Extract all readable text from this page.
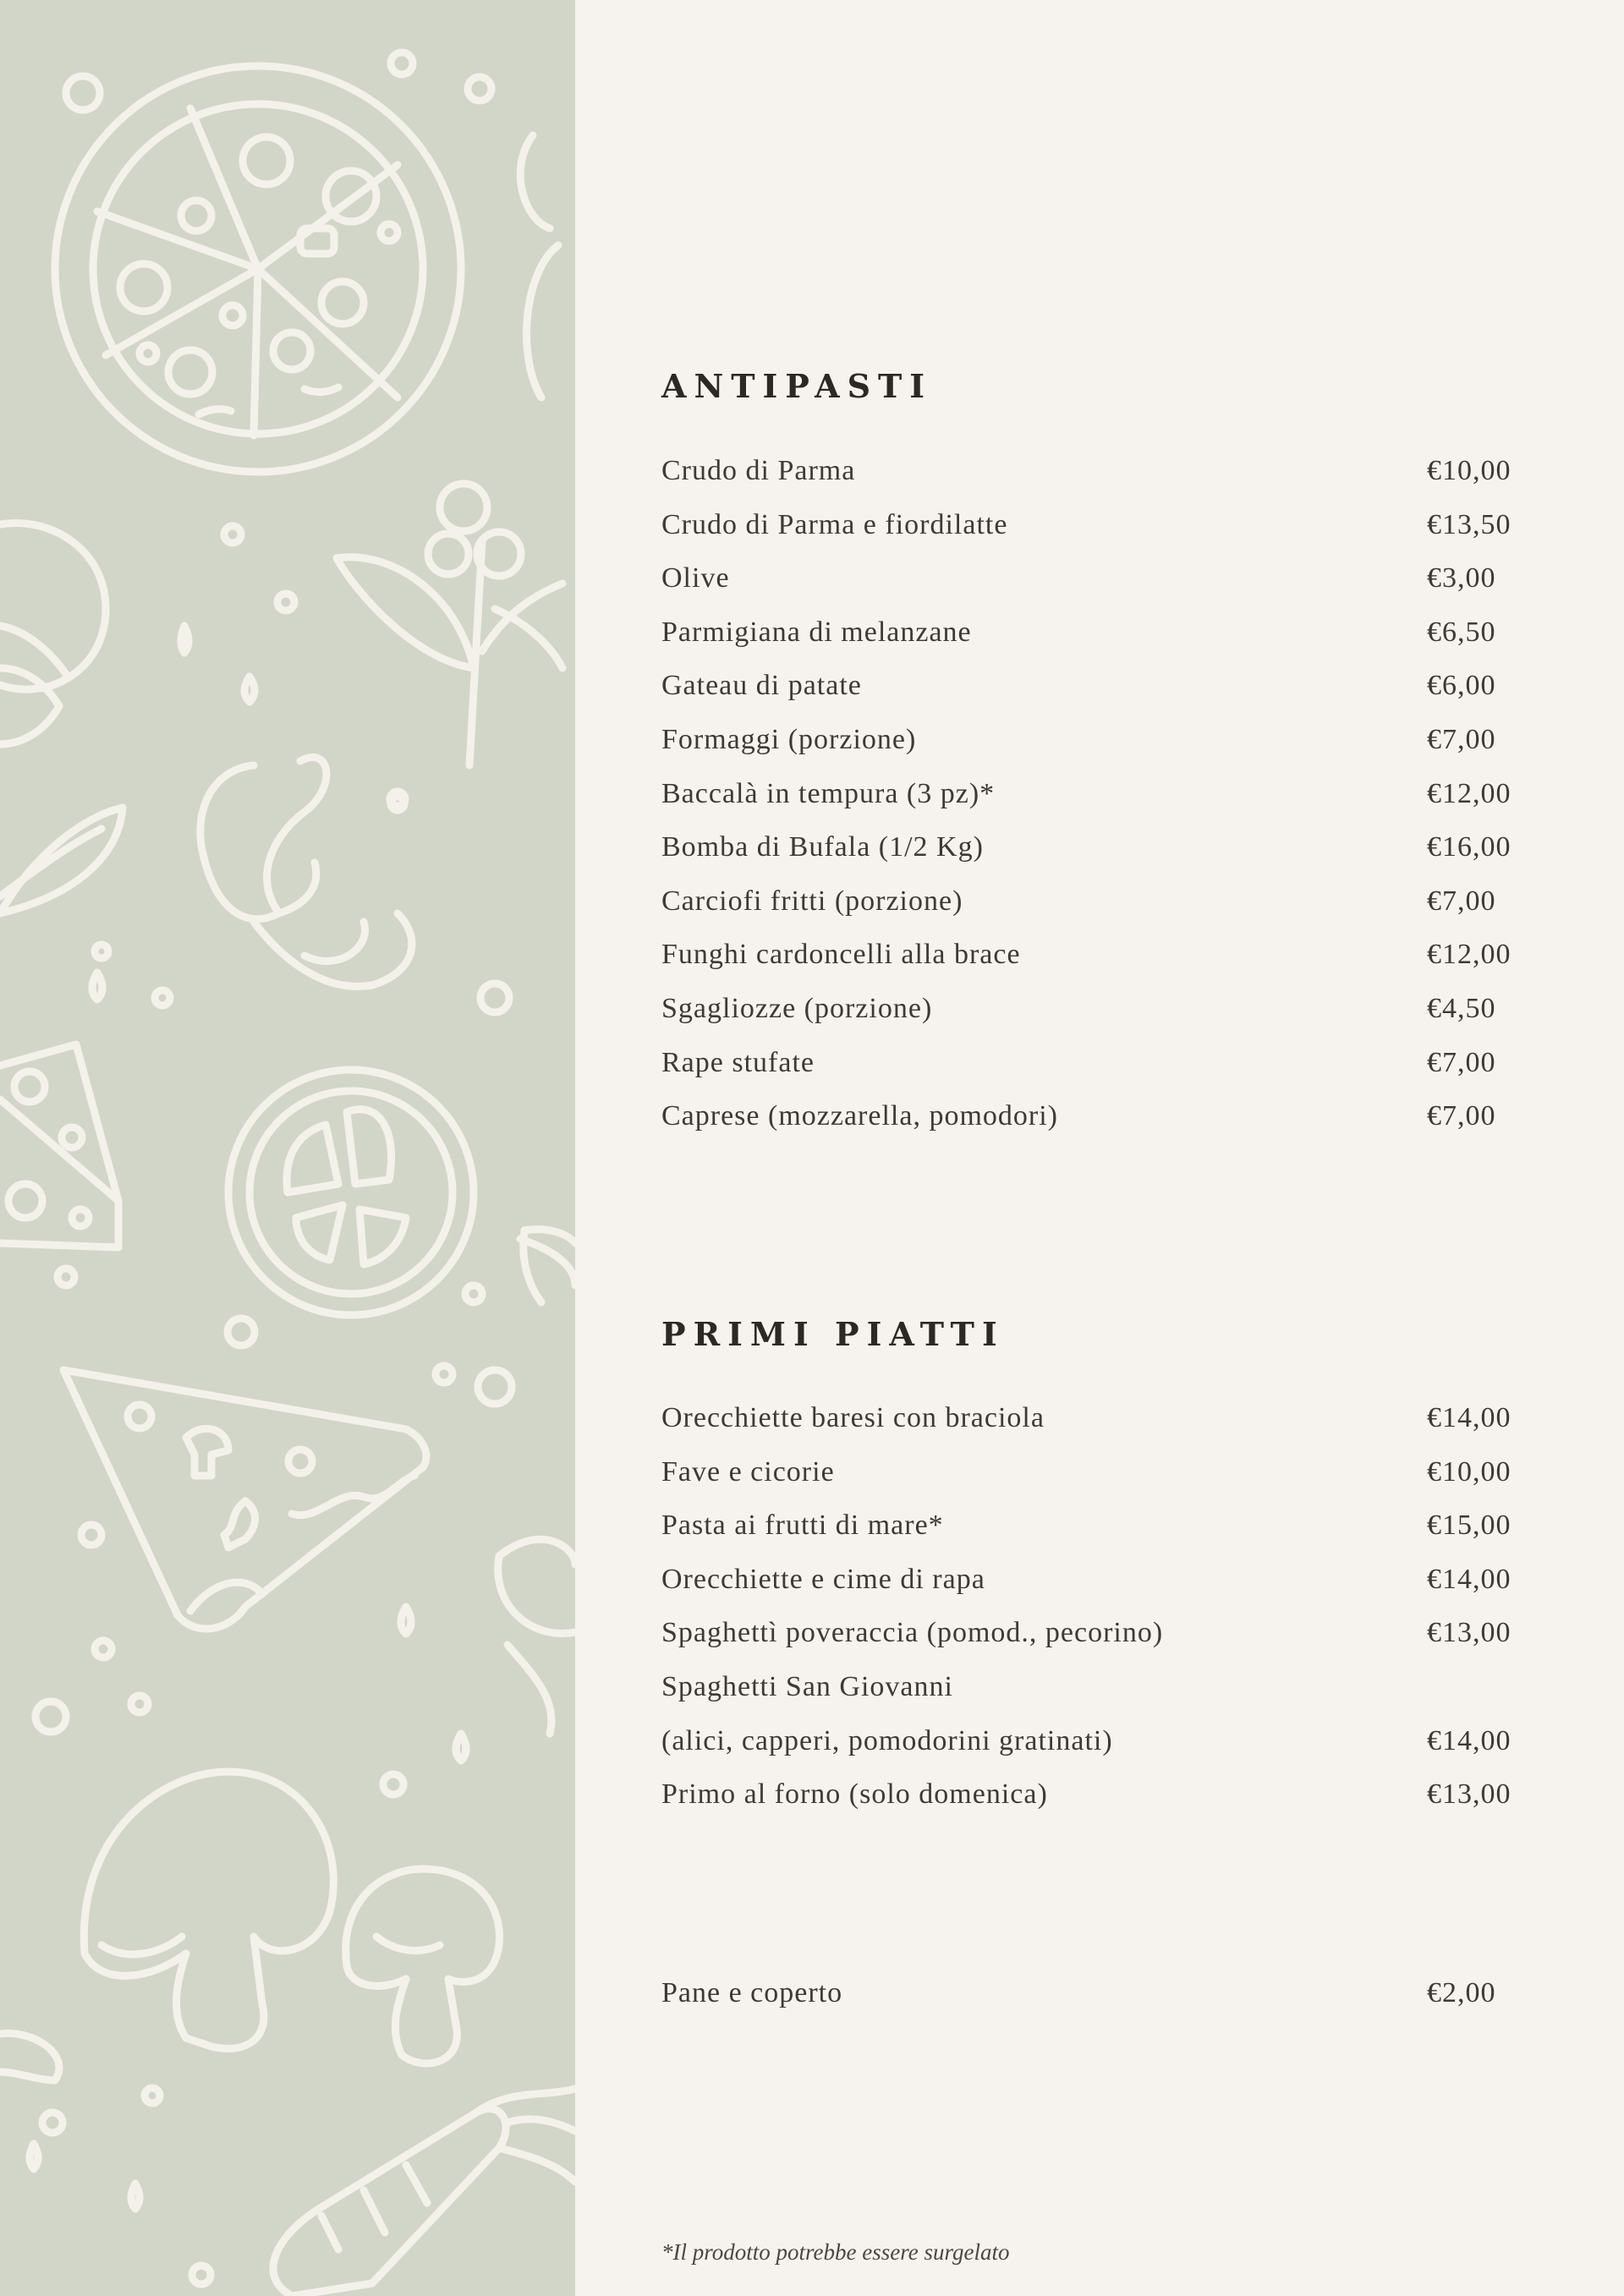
ANTIPASTI
Crudo di Parma	€10,00
Crudo di Parma e fiordilatte	€13,50
Olive	€3,00
Parmigiana di melanzane	€6,50
Gateau di patate	€6,00
Formaggi (porzione)	€7,00
Baccalà in tempura (3 pz)*	€12,00
Bomba di Bufala (1/2 Kg)	€16,00
Carciofi fritti (porzione)	€7,00
Funghi cardoncelli alla brace	€12,00
Sgagliozze (porzione)	€4,50
Rape stufate	€7,00
Caprese (mozzarella, pomodori)	€7,00
PRIMI PIATTI
Orecchiette baresi con braciola	€14,00
Fave e cicorie	€10,00
Pasta ai frutti di mare*	€15,00
Orecchiette e cime di rapa	€14,00
Spaghettì poveraccia (pomod., pecorino)	€13,00
Spaghetti San Giovanni
(alici, capperi, pomodorini gratinati)	€14,00
Primo al forno (solo domenica)	€13,00
Pane e coperto	€2,00

*Il prodotto potrebbe essere surgelato
